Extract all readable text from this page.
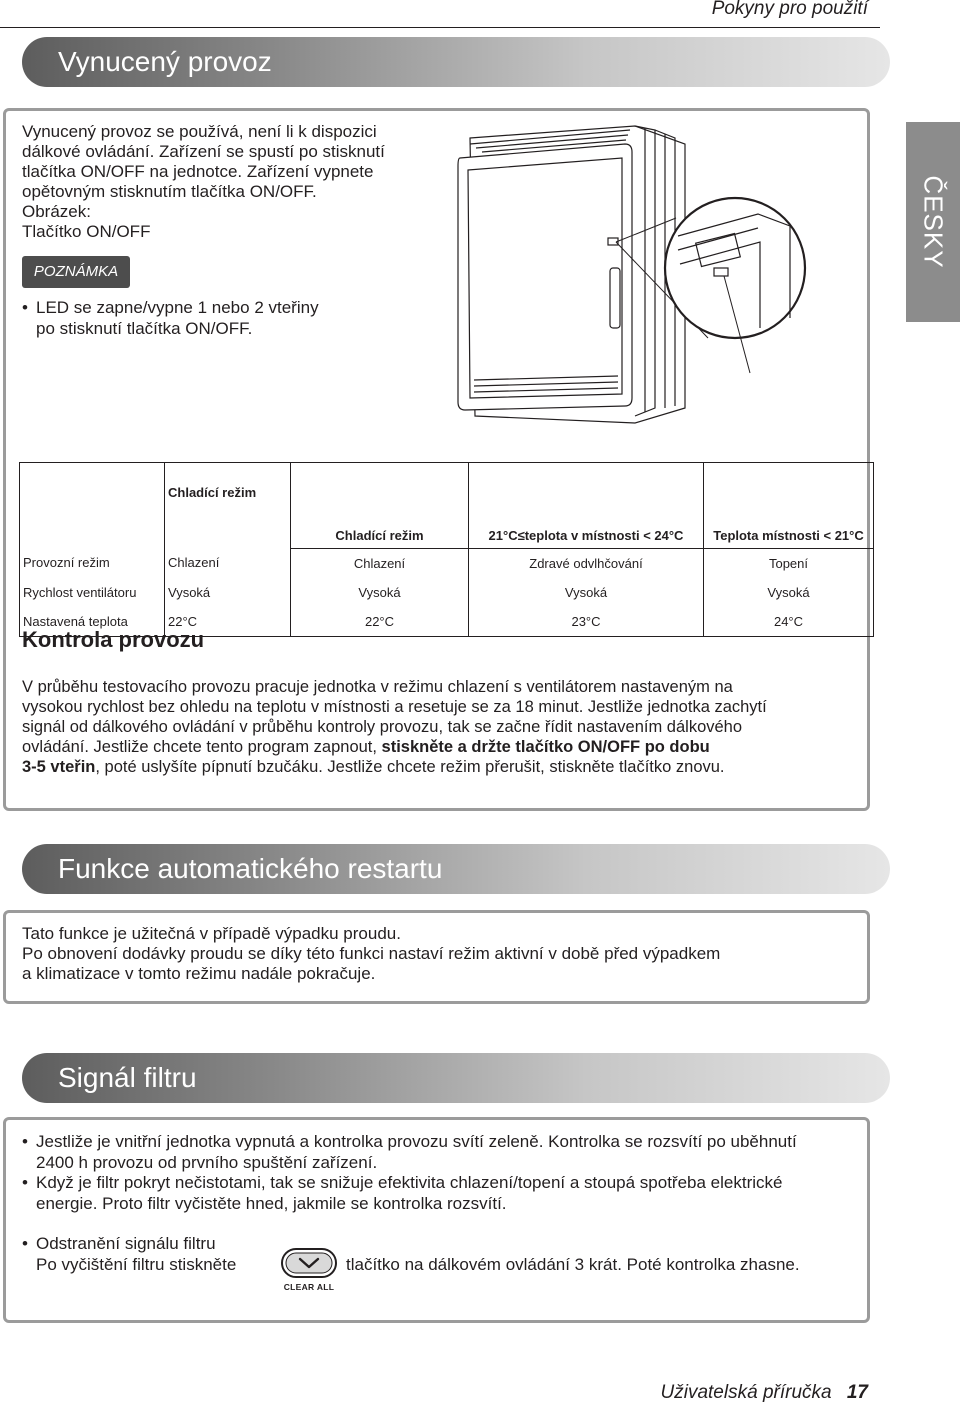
Pokyny pro použití
ČESKY
Vynucený provoz
Vynucený provoz se používá, není li k dispozici
dálkové ovládání. Zařízení se spustí po stisknutí
tlačítka ON/OFF na jednotce. Zařízení vypnete
opětovným stisknutím tlačítka ON/OFF.
Obrázek:
Tlačítko ON/OFF
POZNÁMKA
• LED se zapne/vypne 1 nebo 2 vteřiny
po stisknutí tlačítka ON/OFF.
	Chladící režim	Chladící režim	21°C≤teplota v místnosti < 24°C	Teplota místnosti < 21°C
Provozní režim	Chlazení	Chlazení	Zdravé odvlhčování	Topení
Rychlost ventilátoru	Vysoká	Vysoká	Vysoká	Vysoká
Nastavená teplota	22°C	22°C	23°C	24°C
Kontrola provozu
V průběhu testovacího provozu pracuje jednotka v režimu chlazení s ventilátorem nastaveným na
vysokou rychlost bez ohledu na teplotu v místnosti a resetuje se za 18 minut. Jestliže jednotka zachytí
signál od dálkového ovládání v průběhu kontroly provozu, tak se začne řídit nastavením dálkového
ovládání. Jestliže chcete tento program zapnout, stiskněte a držte tlačítko ON/OFF po dobu
3-5 vteřin, poté uslyšíte pípnutí bzučáku. Jestliže chcete režim přerušit, stiskněte tlačítko znovu.
Funkce automatického restartu
Tato funkce je užitečná v případě výpadku proudu.
Po obnovení dodávky proudu se díky této funkci nastaví režim aktivní v době před výpadkem
a klimatizace v tomto režimu nadále pokračuje.
Signál filtru
• Jestliže je vnitřní jednotka vypnutá a kontrolka provozu svítí zeleně. Kontrolka se rozsvítí po uběhnutí
2400 h provozu od prvního spuštění zařízení.
• Když je filtr pokryt nečistotami, tak se snižuje efektivita chlazení/topení a stoupá spotřeba elektrické
energie. Proto filtr vyčistěte hned, jakmile se kontrolka rozsvítí.
• Odstranění signálu filtru
Po vyčištění filtru stiskněte
CLEAR ALL
tlačítko na dálkovém ovládání 3 krát. Poté kontrolka zhasne.
Uživatelská příručka 17
